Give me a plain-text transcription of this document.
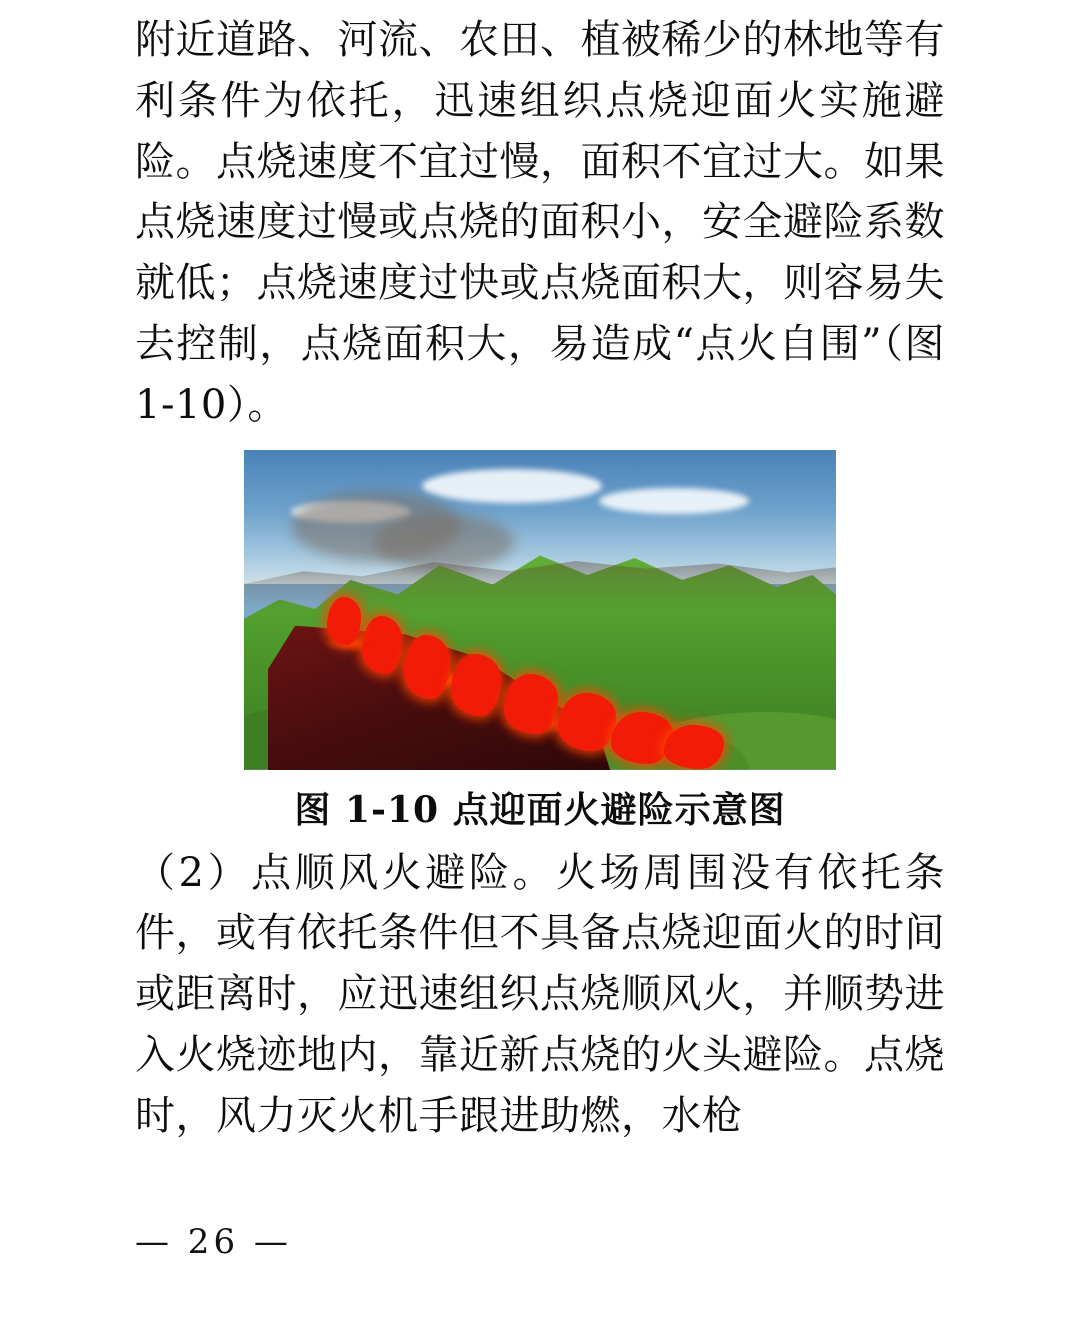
附近道路、河流、农田、植被稀少的林地等有利条件为依托，迅速组织点烧迎面火实施避险。点烧速度不宜过慢，面积不宜过大。如果点烧速度过慢或点烧的面积小，安全避险系数就低；点烧速度过快或点烧面积大，则容易失去控制，点烧面积大，易造成“点火自围”（图 1-10）。

图 1-10 点迎面火避险示意图

（2）点顺风火避险。火场周围没有依托条件，或有依托条件但不具备点烧迎面火的时间或距离时，应迅速组织点烧顺风火，并顺势进入火烧迹地内，靠近新点烧的火头避险。点烧时，风力灭火机手跟进助燃，水枪

— 26 —
